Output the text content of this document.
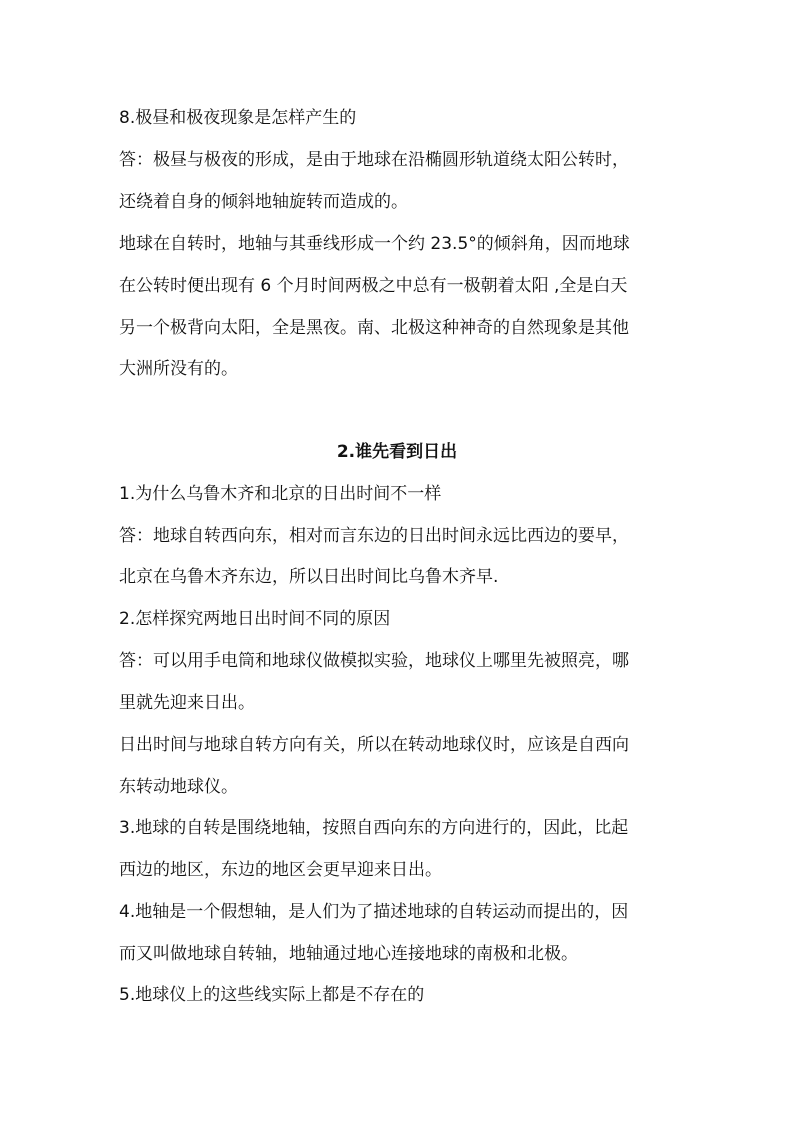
8.极昼和极夜现象是怎样产生的
答：极昼与极夜的形成，是由于地球在沿椭圆形轨道绕太阳公转时，
还绕着自身的倾斜地轴旋转而造成的。
地球在自转时，地轴与其垂线形成一个约 23.5°的倾斜角，因而地球
在公转时便出现有 6 个月时间两极之中总有一极朝着太阳 ,全是白天
另一个极背向太阳，全是黑夜。南、北极这种神奇的自然现象是其他
大洲所没有的。
2.谁先看到日出
1.为什么乌鲁木齐和北京的日出时间不一样
答：地球自转西向东，相对而言东边的日出时间永远比西边的要早，
北京在乌鲁木齐东边，所以日出时间比乌鲁木齐早.
2.怎样探究两地日出时间不同的原因
答：可以用手电筒和地球仪做模拟实验，地球仪上哪里先被照亮，哪
里就先迎来日出。
日出时间与地球自转方向有关，所以在转动地球仪时，应该是自西向
东转动地球仪。
3.地球的自转是围绕地轴，按照自西向东的方向进行的，因此，比起
西边的地区，东边的地区会更早迎来日出。
4.地轴是一个假想轴，是人们为了描述地球的自转运动而提出的，因
而又叫做地球自转轴，地轴通过地心连接地球的南极和北极。
5.地球仪上的这些线实际上都是不存在的
